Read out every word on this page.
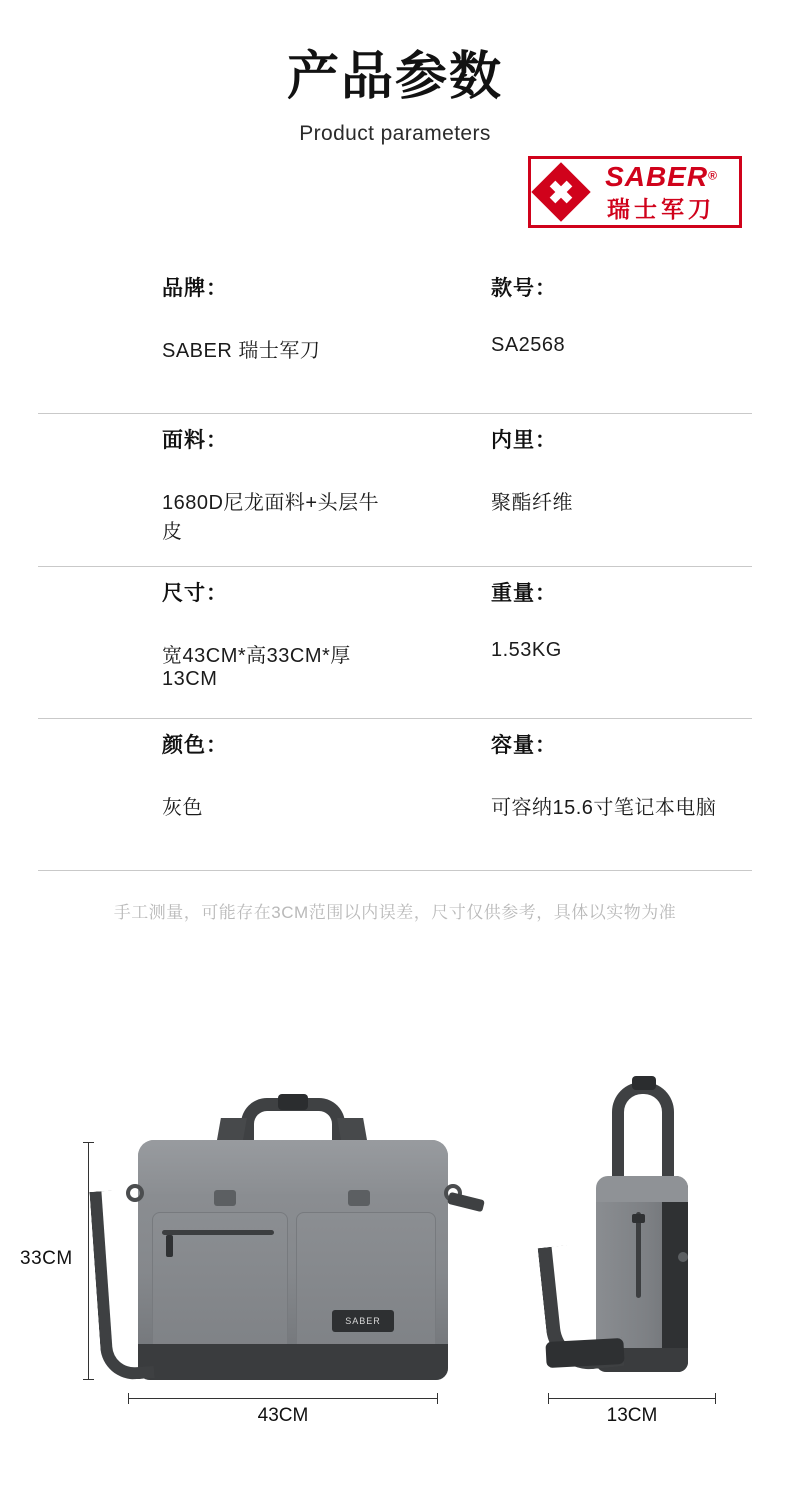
产品参数
Product parameters
SABER®
瑞士军刀
品牌：
SABER 瑞士军刀
款号：
SA2568
面料：
1680D尼龙面料+头层牛皮
内里：
聚酯纤维
尺寸：
宽43CM*高33CM*厚13CM
重量：
1.53KG
颜色：
灰色
容量：
可容纳15.6寸笔记本电脑
手工测量，可能存在3CM范围以内误差，尺寸仅供参考，具体以实物为准
SABER
33CM
43CM	13CM
